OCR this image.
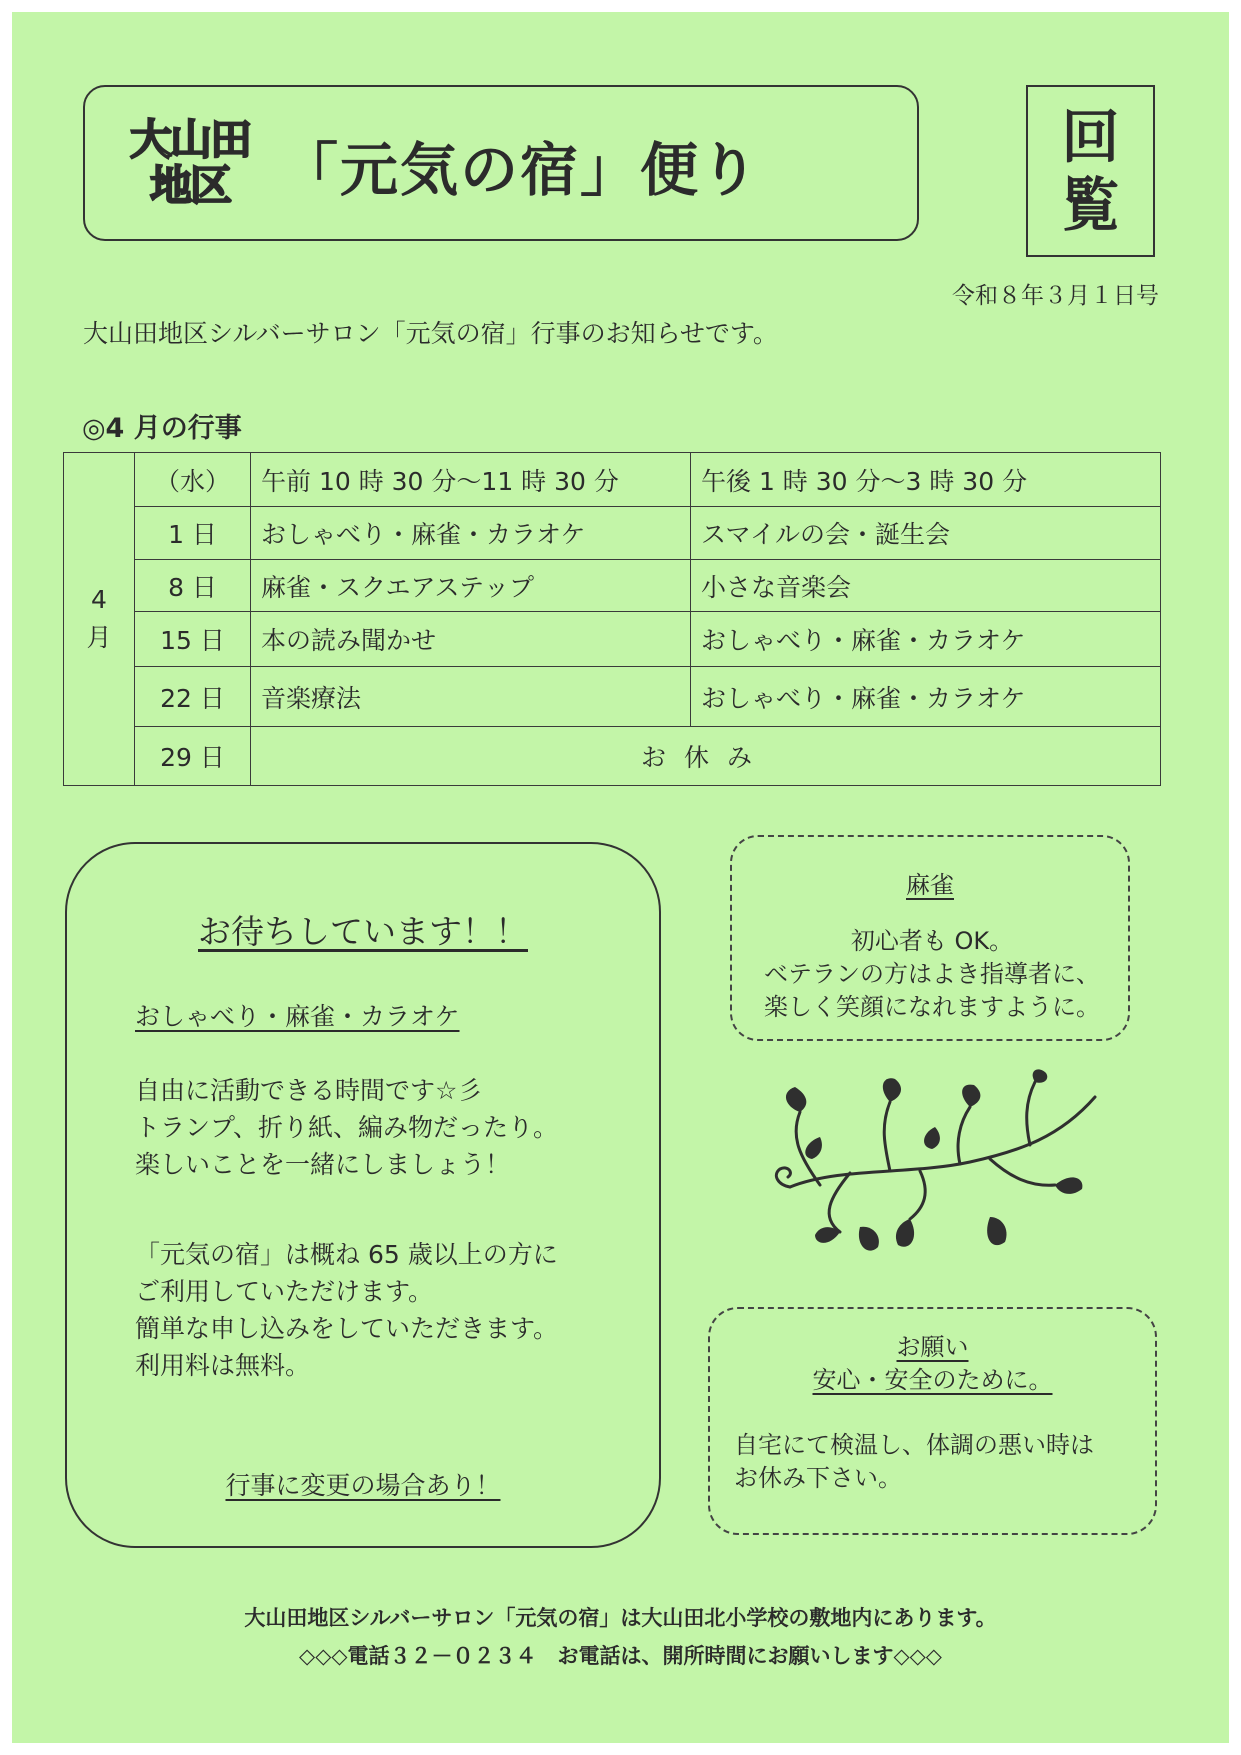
大山田
地区 「元気の宿」便り	回
覧
令和８年３月１日号
大山田地区シルバーサロン「元気の宿」行事のお知らせです。
◎4 月の行事
4
月	（水）	午前 10 時 30 分～11 時 30 分	午後 1 時 30 分～3 時 30 分
	1 日	おしゃべり・麻雀・カラオケ	スマイルの会・誕生会
	8 日	麻雀・スクエアステップ	小さな音楽会
	15 日	本の読み聞かせ	おしゃべり・麻雀・カラオケ
	22 日	音楽療法	おしゃべり・麻雀・カラオケ
	29 日	お休み	
お待ちしています！！
おしゃべり・麻雀・カラオケ
自由に活動できる時間です☆彡
トランプ、折り紙、編み物だったり。
楽しいことを一緒にしましょう！
「元気の宿」は概ね 65 歳以上の方に
ご利用していただけます。
簡単な申し込みをしていただきます。
利用料は無料。
行事に変更の場合あり！
麻雀
初心者も OK。
ベテランの方はよき指導者に、
楽しく笑顔になれますように。
お願い
安心・安全のために。
自宅にて検温し、体調の悪い時は
お休み下さい。
大山田地区シルバーサロン「元気の宿」は大山田北小学校の敷地内にあります。
◇◇◇電話３２－０２３４　お電話は、開所時間にお願いします◇◇◇
